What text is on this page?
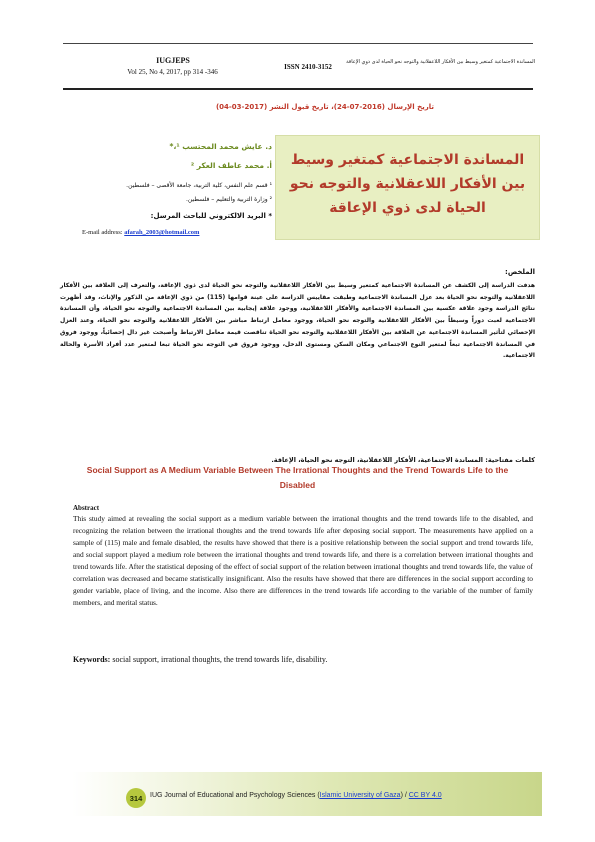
IUGJEPS
Vol 25, No 4, 2017, pp 314 -346
ISSN 2410-3152
المساندة الاجتماعية كمتغير وسيط بين الأفكار اللاعقلانية والتوجه نحو الحياة لدى ذوي الإعاقة
تاريخ الإرسال (2016-07-24)، تاريخ قبول النشر (2017-03-04)
المساندة الاجتماعية كمتغير وسيط بين الأفكار اللاعقلانية والتوجه نحو الحياة لدى ذوي الإعاقة
د. عايش محمد المحتسب ¹،*
أ. محمد عاطف العكر ²
¹ قسم علم النفس، كلية التربية، جامعة الأقصى – فلسطين.
² وزارة التربية والتعليم – فلسطين.
* البريد الالكتروني للباحث المرسل:
E-mail address: afarah_2003@hotmail.com
الملخص:
هدفت الدراسة إلى الكشف عن المساندة الاجتماعية كمتغير وسيط بين الأفكار اللاعقلانية والتوجه نحو الحياة لدى ذوي الإعاقة، والتعرف إلى العلاقة بين الأفكار اللاعقلانية والتوجه نحو الحياة بعد عزل المساندة الاجتماعية وطبقت مقاييس الدراسة على عينة قوامها (115) من ذوي الإعاقة من الذكور والإناث، وقد أظهرت نتائج الدراسة وجود علاقة عكسية بين المساندة الاجتماعية والأفكار اللاعقلانية، ووجود علاقة إيجابية بين المساندة الاجتماعية والتوجه نحو الحياة، وأن المساندة الاجتماعية لعبت دوراً وسيطاً بين الأفكار اللاعقلانية والتوجه نحو الحياة، ووجود معامل ارتباط مباشر بين الأفكار اللاعقلانية والتوجه نحو الحياة، وعند العزل الإحصائي لتأثير المساندة الاجتماعية عن العلاقة بين الأفكار اللاعقلانية والتوجه نحو الحياة تناقصت قيمة معامل الارتباط وأصبحت غير دال إحصائياً، ووجود فروق في المساندة الاجتماعية تبعاً لمتغير النوع الاجتماعي ومكان السكن ومستوى الدخل، ووجود فروق في التوجه نحو الحياة تبعا لمتغير عدد أفراد الأسرة والحالة الاجتماعية.
كلمات مفتاحية: المساندة الاجتماعية، الأفكار اللاعقلانية، التوجه نحو الحياة، الإعاقة.
Social Support as A Medium Variable Between The Irrational Thoughts and the Trend Towards Life to the Disabled
Abstract
This study aimed at revealing the social support as a medium variable between the irrational thoughts and the trend towards life to the disabled, and recognizing the relation between the irrational thoughts and the trend towards life after deposing social support. The measurements have applied on a sample of (115) male and female disabled, the results have showed that there is a positive relationship between the social support and trend towards life, and social support played a medium role between the irrational thoughts and trend towards life, and there is a correlation between irrational thoughts and trend towards life. After the statistical deposing of the effect of social support of the relation between irrational thoughts and trend towards life, the value of correlation was decreased and became statistically insignificant. Also the results have showed that there are differences in the social support according to gender variable, place of living, and the income. Also there are differences in the trend towards life according to the variable of the number of family members, and merital status.
Keywords: social support, irrational thoughts, the trend towards life, disability.
314	IUG Journal of Educational and Psychology Sciences (Islamic University of Gaza) / CC BY 4.0
